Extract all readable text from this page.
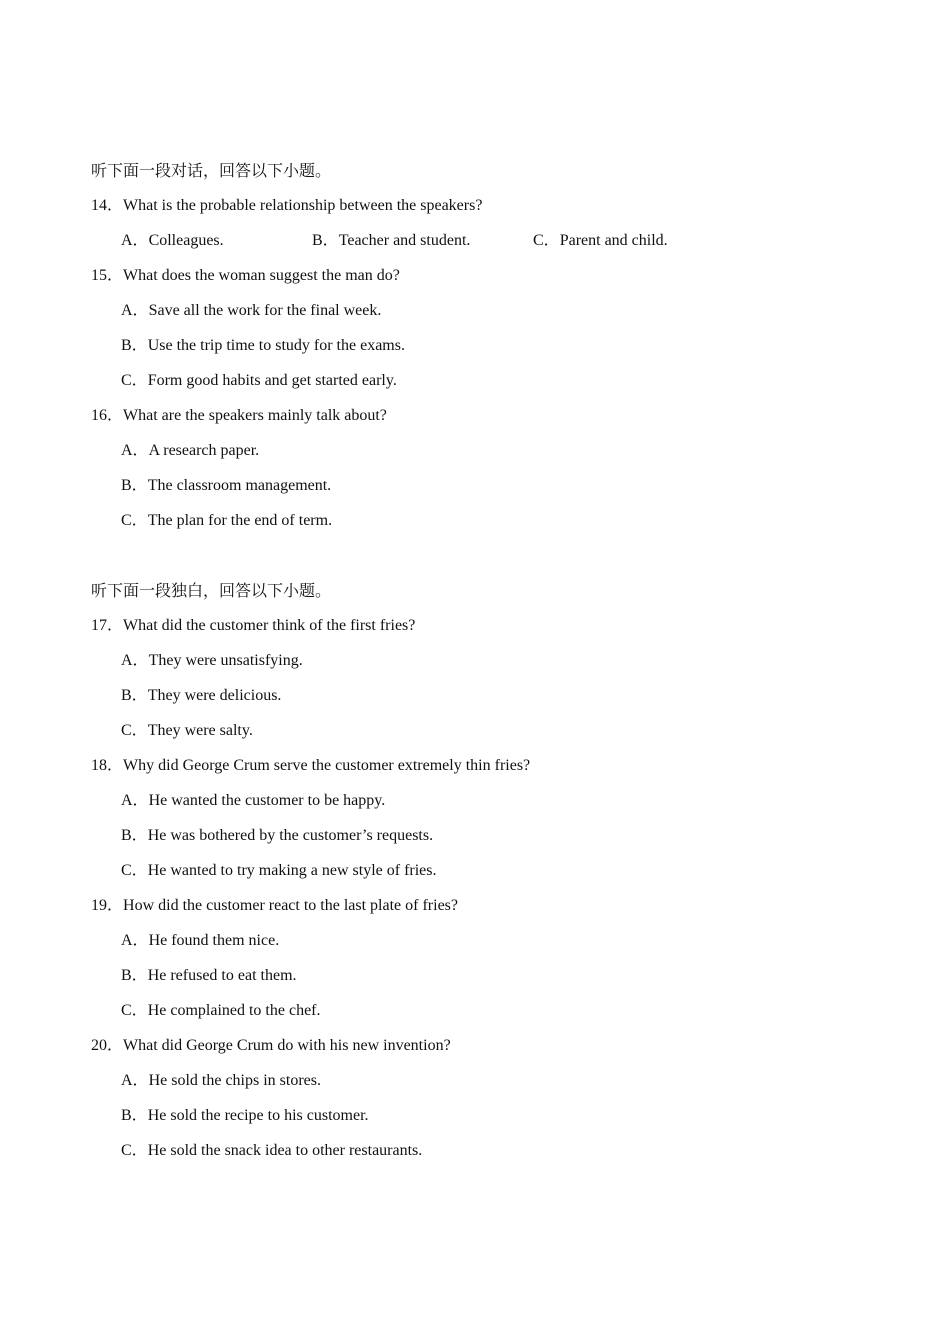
听下面一段对话，回答以下小题。
14．What is the probable relationship between the speakers?
A．Colleagues.	B．Teacher and student.	C．Parent and child.
15．What does the woman suggest the man do?
A．Save all the work for the final week.
B．Use the trip time to study for the exams.
C．Form good habits and get started early.
16．What are the speakers mainly talk about?
A．A research paper.
B．The classroom management.
C．The plan for the end of term.
听下面一段独白，回答以下小题。
17．What did the customer think of the first fries?
A．They were unsatisfying.
B．They were delicious.
C．They were salty.
18．Why did George Crum serve the customer extremely thin fries?
A．He wanted the customer to be happy.
B．He was bothered by the customer’s requests.
C．He wanted to try making a new style of fries.
19．How did the customer react to the last plate of fries?
A．He found them nice.
B．He refused to eat them.
C．He complained to the chef.
20．What did George Crum do with his new invention?
A．He sold the chips in stores.
B．He sold the recipe to his customer.
C．He sold the snack idea to other restaurants.
